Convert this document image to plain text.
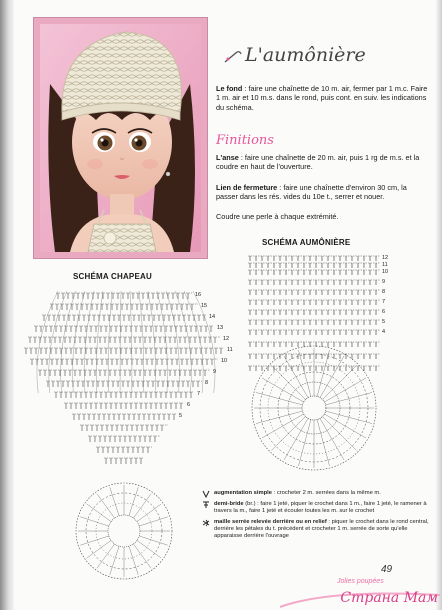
L'aumônière
Le fond : faire une chaînette de 10 m. air, fermer par 1 m.c. Faire 1 m. air et 10 m.s. dans le rond, puis cont. en suiv. les indications du schéma.
Finitions
L'anse : faire une chaînette de 20 m. air, puis 1 rg de m.s. et la coudre en haut de l'ouverture.
Lien de fermeture : faire une chaînette d'environ 30 cm, la passer dans les rés. vides du 10e t., serrer et nouer.
Coudre une perle à chaque extrémité.
SCHÉMA AUMÔNIÈRE
SCHÉMA CHAPEAU
12
11
10
9
8
7
6
5
4
16
15
14
13
12
11
10
9
8
7
6
5
augmentation simple : crocheter 2 m. serrées dans la même m.
demi-bride (br.) : faire 1 jeté, piquer le crochet dans 1 m., faire 1 jeté, le ramener à travers la m., faire 1 jeté et écouler toutes les m. sur le crochet
maille serrée relevée derrière ou en relief : piquer le crochet dans le rond central, derrière les pétales du t. précédent et crocheter 1 m. serrée de sorte qu'elle apparaisse derrière l'ouvrage
49
Jolies poupées
Страна Мам
